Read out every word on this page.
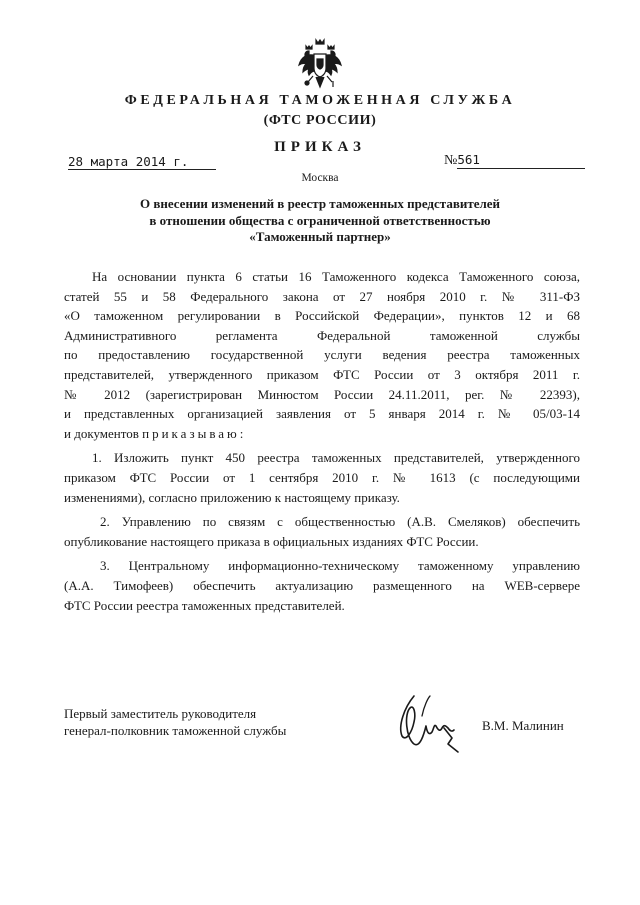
ФЕДЕРАЛЬНАЯ ТАМОЖЕННАЯ СЛУЖБА
(ФТС РОССИИ)
ПРИКАЗ
28 марта 2014 г.	№561
Москва
О внесении изменений в реестр таможенных представителей
в отношении общества с ограниченной ответственностью
«Таможенный партнер»
На основании пункта 6 статьи 16 Таможенного кодекса Таможенного союза,
статей 55 и 58 Федерального закона от 27 ноября 2010 г. № 311-ФЗ
«О таможенном регулировании в Российской Федерации», пунктов 12 и 68
Административного регламента Федеральной таможенной службы
по предоставлению государственной услуги ведения реестра таможенных
представителей, утвержденного приказом ФТС России от 3 октября 2011 г.
№ 2012 (зарегистрирован Минюстом России 24.11.2011, рег. № 22393),
и представленных организацией заявления от 5 января 2014 г. № 05/03-14
и документов приказываю:
1. Изложить пункт 450 реестра таможенных представителей, утвержденного
приказом ФТС России от 1 сентября 2010 г. № 1613 (с последующими
изменениями), согласно приложению к настоящему приказу.
2. Управлению по связям с общественностью (А.В. Смеляков) обеспечить
опубликование настоящего приказа в официальных изданиях ФТС России.
3. Центральному информационно-техническому таможенному управлению
(А.А. Тимофеев) обеспечить актуализацию размещенного на WEB-сервере
ФТС России реестра таможенных представителей.
Первый заместитель руководителя
генерал-полковник таможенной службы	В.М. Малинин
